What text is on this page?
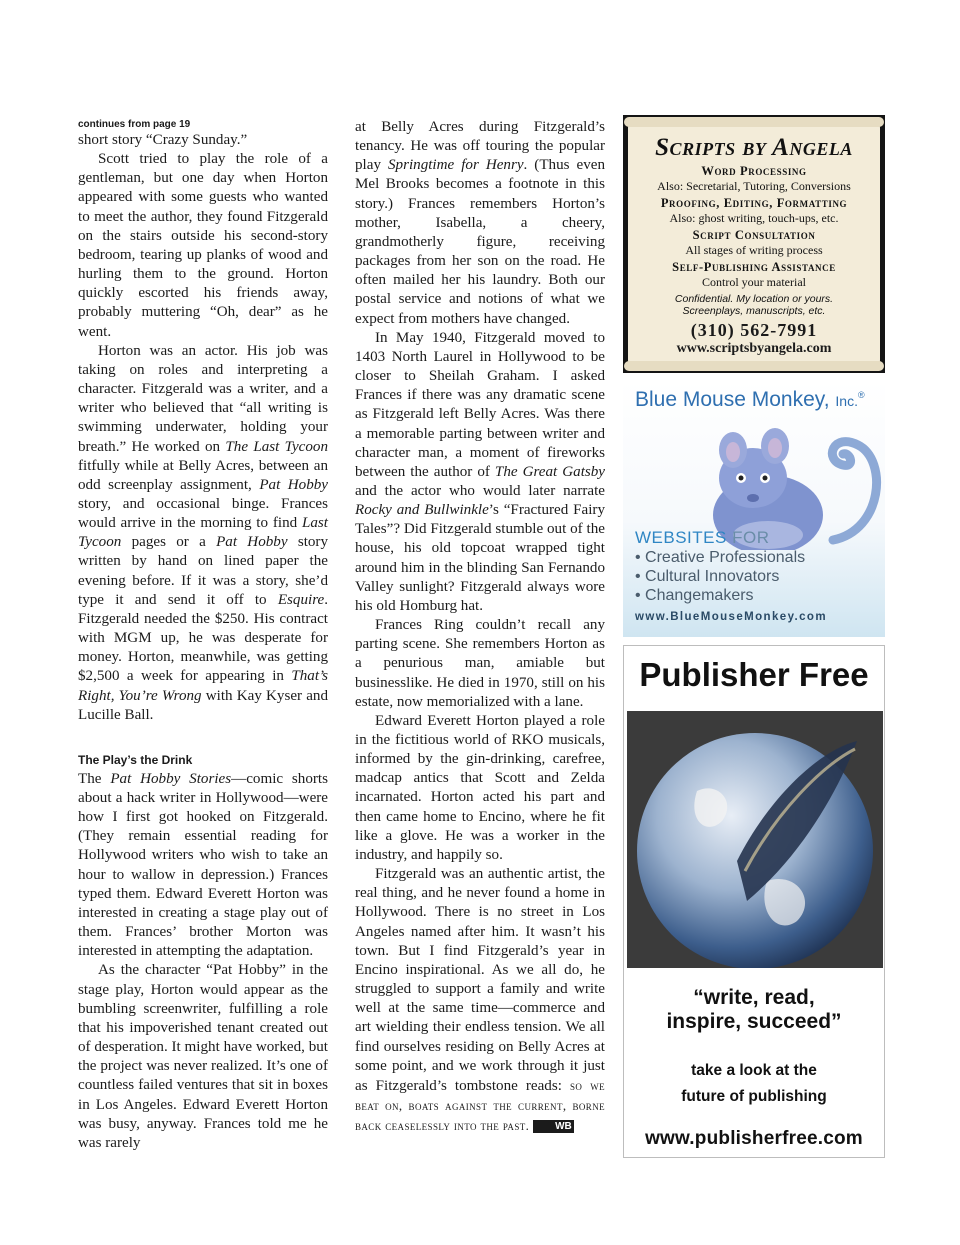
continues from page 19

short story “Crazy Sunday.”

Scott tried to play the role of a gentleman, but one day when Horton appeared with some guests who wanted to meet the author, they found Fitzgerald on the stairs outside his second-story bedroom, tearing up planks of wood and hurling them to the ground. Horton quickly escorted his friends away, probably muttering “Oh, dear” as he went.

Horton was an actor. His job was taking on roles and interpreting a character. Fitzgerald was a writer, and a writer who believed that “all writing is swimming underwater, holding your breath.” He worked on The Last Tycoon fitfully while at Belly Acres, between an odd screenplay assignment, Pat Hobby story, and occasional binge. Frances would arrive in the morning to find Last Tycoon pages or a Pat Hobby story written by hand on lined paper the evening before. If it was a story, she’d type it and send it off to Esquire. Fitzgerald needed the $250. His contract with MGM up, he was desperate for money. Horton, meanwhile, was getting $2,500 a week for appearing in That’s Right, You’re Wrong with Kay Kyser and Lucille Ball.

The Play’s the Drink

The Pat Hobby Stories—comic shorts about a hack writer in Hollywood—were how I first got hooked on Fitzgerald. (They remain essential reading for Hollywood writers who wish to take an hour to wallow in depression.) Frances typed them. Edward Everett Horton was interested in creating a stage play out of them. Frances’ brother Morton was interested in attempting the adaptation.

As the character “Pat Hobby” in the stage play, Horton would appear as the bumbling screenwriter, fulfilling a role that his impoverished tenant created out of desperation. It might have worked, but the project was never realized. It’s one of countless failed ventures that sit in boxes in Los Angeles. Edward Everett Horton was busy, anyway. Frances told me he was rarely

at Belly Acres during Fitzgerald’s tenancy. He was off touring the popular play Springtime for Henry. (Thus even Mel Brooks becomes a footnote in this story.) Frances remembers Horton’s mother, Isabella, a cheery, grandmotherly figure, receiving packages from her son on the road. He often mailed her his laundry. Both our postal service and notions of what we expect from mothers have changed.

In May 1940, Fitzgerald moved to 1403 North Laurel in Hollywood to be closer to Sheilah Graham. I asked Frances if there was any dramatic scene as Fitzgerald left Belly Acres. Was there a memorable parting between writer and character man, a moment of fireworks between the author of The Great Gatsby and the actor who would later narrate Rocky and Bullwinkle’s “Fractured Fairy Tales”? Did Fitzgerald stumble out of the house, his old topcoat wrapped tight around him in the blinding San Fernando Valley sunlight? Fitzgerald always wore his old Homburg hat.

Frances Ring couldn’t recall any parting scene. She remembers Horton as a penurious man, amiable but businesslike. He died in 1970, still on his estate, now memorialized with a lane.

Edward Everett Horton played a role in the fictitious world of RKO musicals, informed by the gin-drinking, carefree, madcap antics that Scott and Zelda incarnated. Horton acted his part and then came home to Encino, where he fit like a glove. He was a worker in the industry, and happily so.

Fitzgerald was an authentic artist, the real thing, and he never found a home in Hollywood. There is no street in Los Angeles named after him. It wasn’t his town. But I find Fitzgerald’s year in Encino inspirational. As we all do, he struggled to support a family and write well at the same time—commerce and art wielding their endless tension. We all find ourselves residing on Belly Acres at some point, and we work through it just as Fitzgerald’s tombstone reads: so we beat on, boats against the current, borne back ceaselessly into the past.	WB

Scripts by Angela
Word Processing
Also: Secretarial, Tutoring, Conversions
Proofing, Editing, Formatting
Also: ghost writing, touch-ups, etc.
Script Consultation
All stages of writing process
Self-Publishing Assistance
Control your material
Confidential. My location or yours.
Screenplays, manuscripts, etc.
(310) 562-7991
www.scriptsbyangela.com
Blue Mouse Monkey, Inc.®
WEBSITES FOR
• Creative Professionals
• Cultural Innovators
• Changemakers
www.BlueMouseMonkey.com
Publisher Free
“write, read,
inspire, succeed”
take a look at the
future of publishing
www.publisherfree.com
